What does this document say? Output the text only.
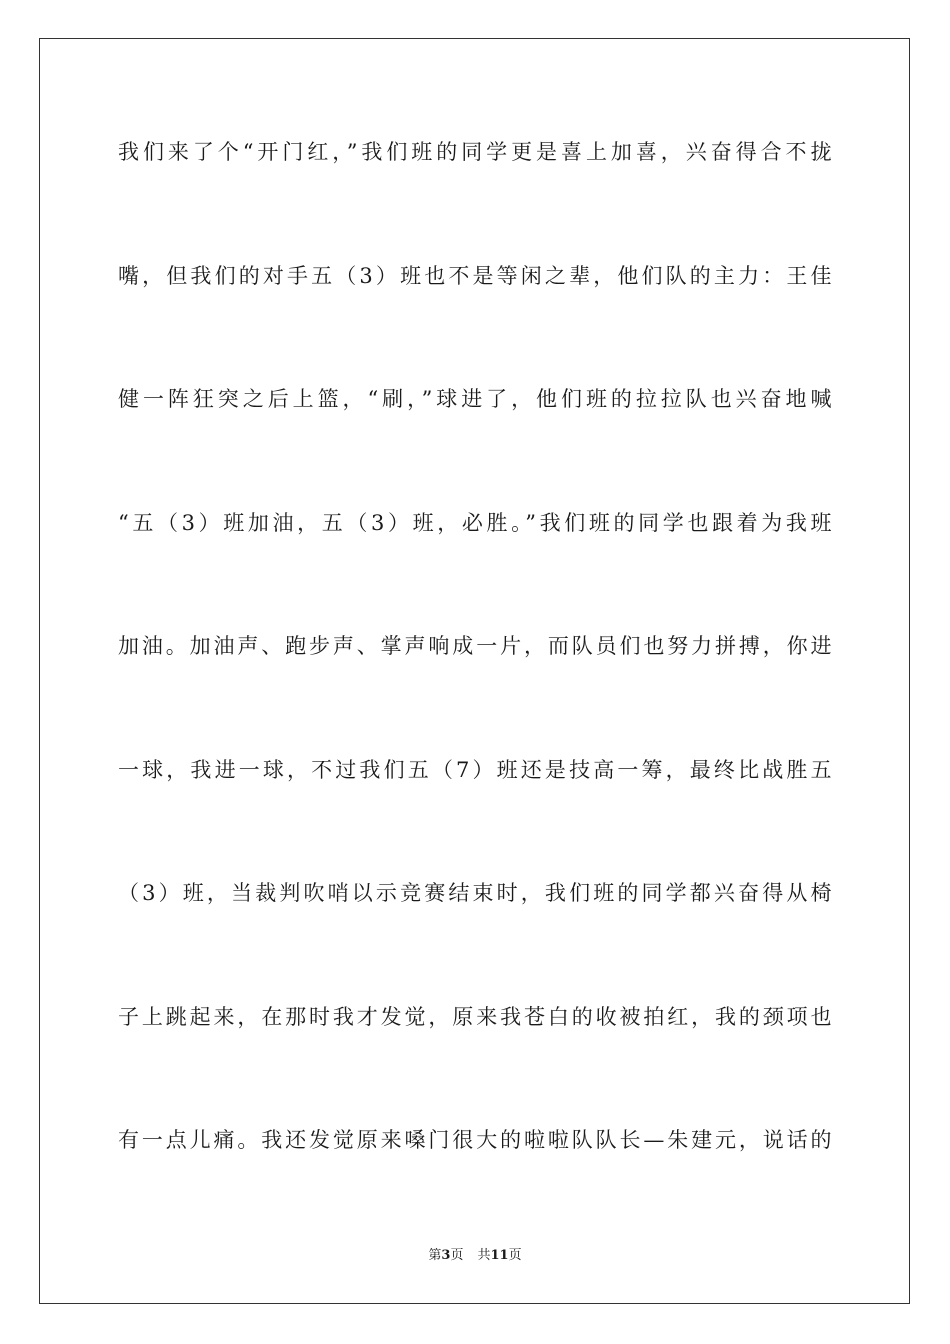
我们来了个“开门红，”我们班的同学更是喜上加喜，兴奋得合不拢
嘴，但我们的对手五（3）班也不是等闲之辈，他们队的主力：王佳
健一阵狂突之后上篮，“刷，”球进了，他们班的拉拉队也兴奋地喊
“五（3）班加油，五（3）班，必胜。”我们班的同学也跟着为我班
加油。加油声、跑步声、掌声响成一片，而队员们也努力拼搏，你进
一球，我进一球，不过我们五（7）班还是技高一筹，最终比战胜五
（3）班，当裁判吹哨以示竞赛结束时，我们班的同学都兴奋得从椅
子上跳起来，在那时我才发觉，原来我苍白的收被拍红，我的颈项也
有一点儿痛。我还发觉原来嗓门很大的啦啦队队长—朱建元，说话的
第3页 共11页
